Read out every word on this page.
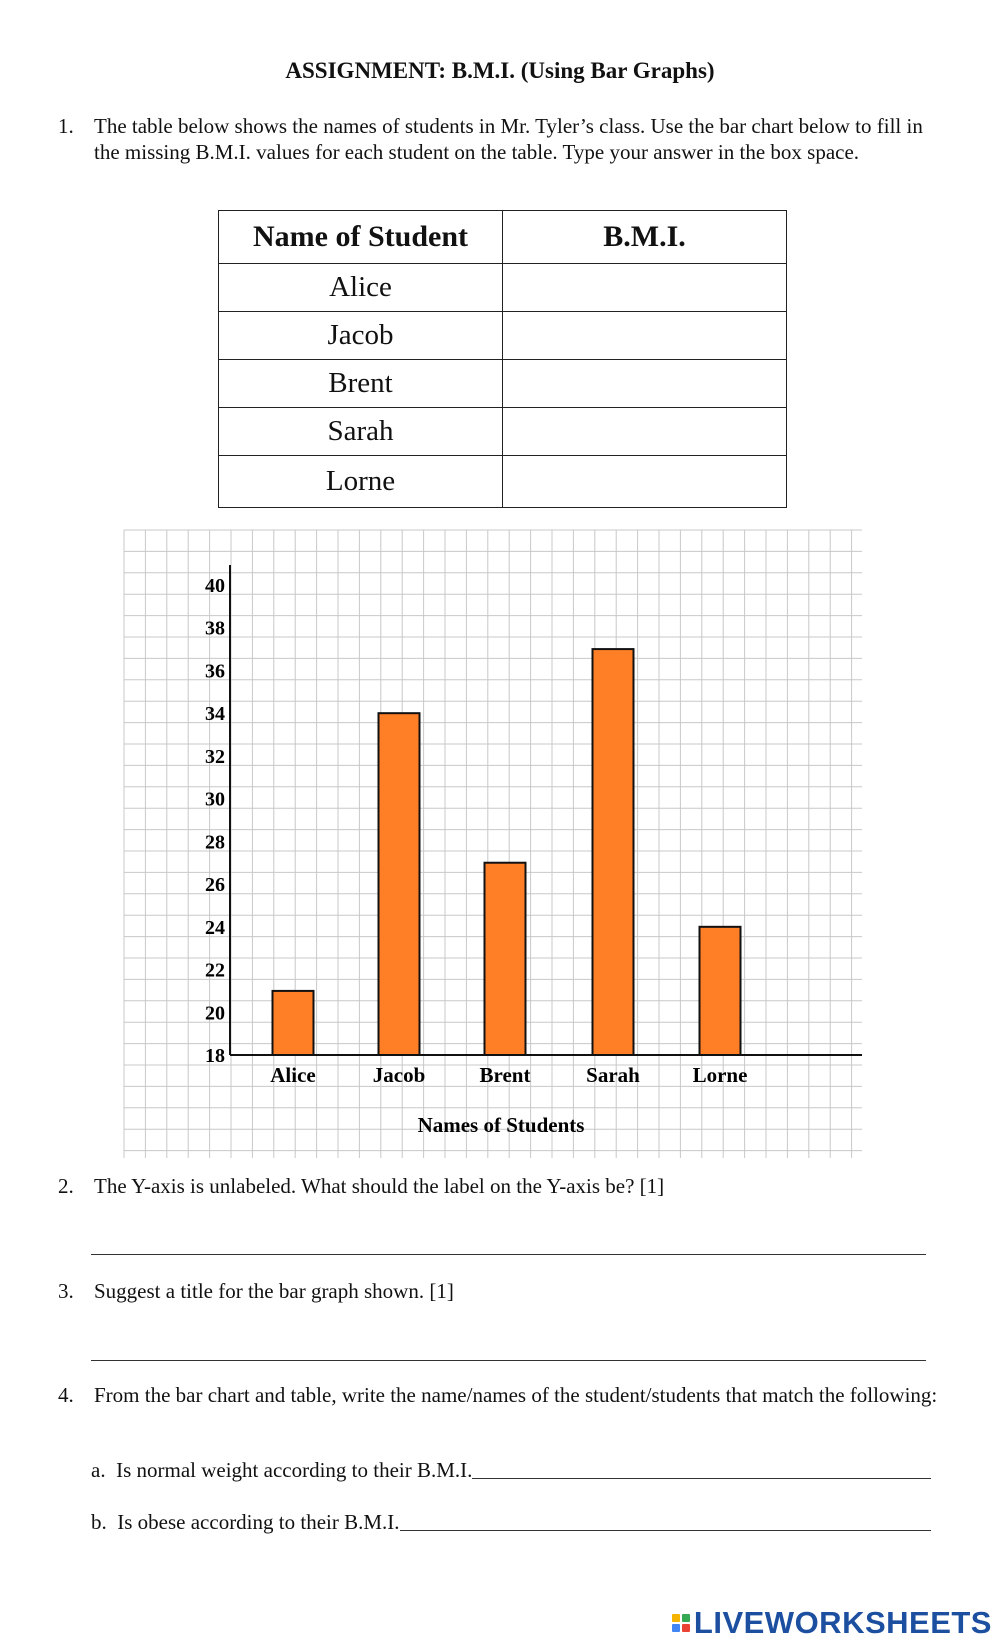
ASSIGNMENT: B.M.I. (Using Bar Graphs)
1. The table below shows the names of students in Mr. Tyler’s class. Use the bar chart below to fill in the missing B.M.I. values for each student on the table. Type your answer in the box space.
Name of Student	B.M.I.
Alice	
Jacob	
Brent	
Sarah	
Lorne	
18
20
22
24
26
28
30
32
34
36
38
40
Alice	Jacob	Brent	Sarah	Lorne
Names of Students
2. The Y-axis is unlabeled. What should the label on the Y-axis be? [1]
3. Suggest a title for the bar graph shown. [1]
4. From the bar chart and table, write the name/names of the student/students that match the following:
a.  Is normal weight according to their B.M.I.
b.  Is obese according to their B.M.I.
LIVEWORKSHEETS
